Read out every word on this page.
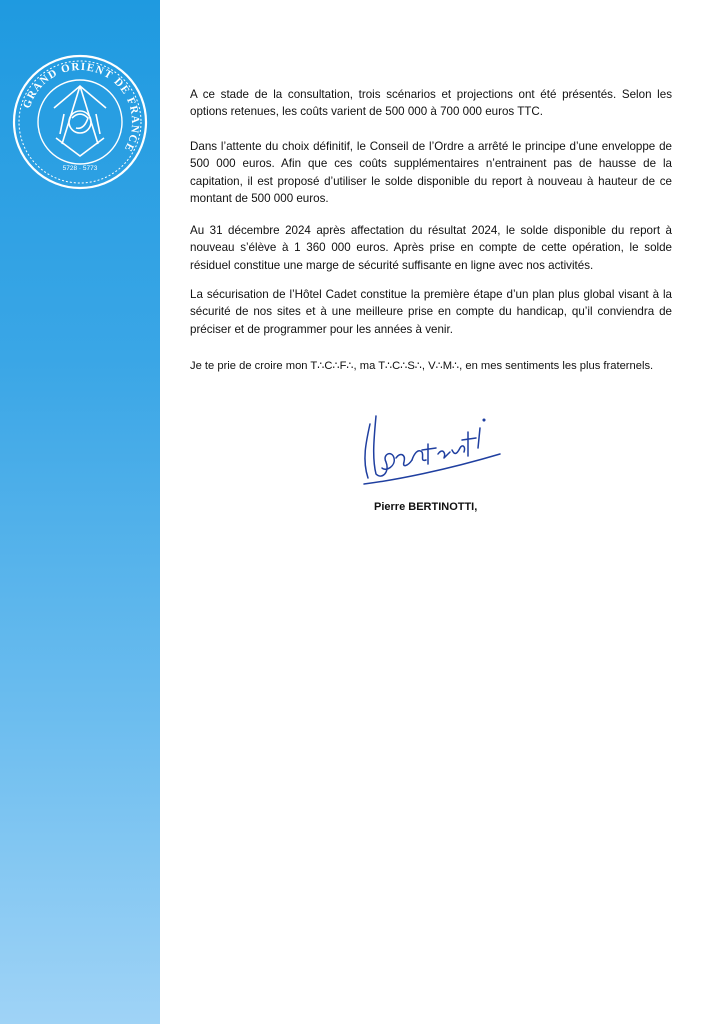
GRAND ORIENT DE FRANCE
5728 · 5773

A ce stade de la consultation, trois scénarios et projections ont été présentés. Selon les options retenues, les coûts varient de 500 000 à 700 000 euros TTC.

Dans l’attente du choix définitif, le Conseil de l’Ordre a arrêté le principe d’une enveloppe de 500 000 euros. Afin que ces coûts supplémentaires n’entrainent pas de hausse de la capitation, il est proposé d’utiliser le solde disponible du report à nouveau à hauteur de ce montant de 500 000 euros.

Au 31 décembre 2024 après affectation du résultat 2024, le solde disponible du report à nouveau s’élève à 1 360 000 euros. Après prise en compte de cette opération, le solde résiduel constitue une marge de sécurité suffisante en ligne avec nos activités.

La sécurisation de l’Hôtel Cadet constitue la première étape d’un plan plus global visant à la sécurité de nos sites et à une meilleure prise en compte du handicap, qu’il conviendra de préciser et de programmer pour les années à venir.

Je te prie de croire mon T∴C∴F∴, ma T∴C∴S∴, V∴M∴, en mes sentiments les plus fraternels.

Pierre BERTINOTTI,
